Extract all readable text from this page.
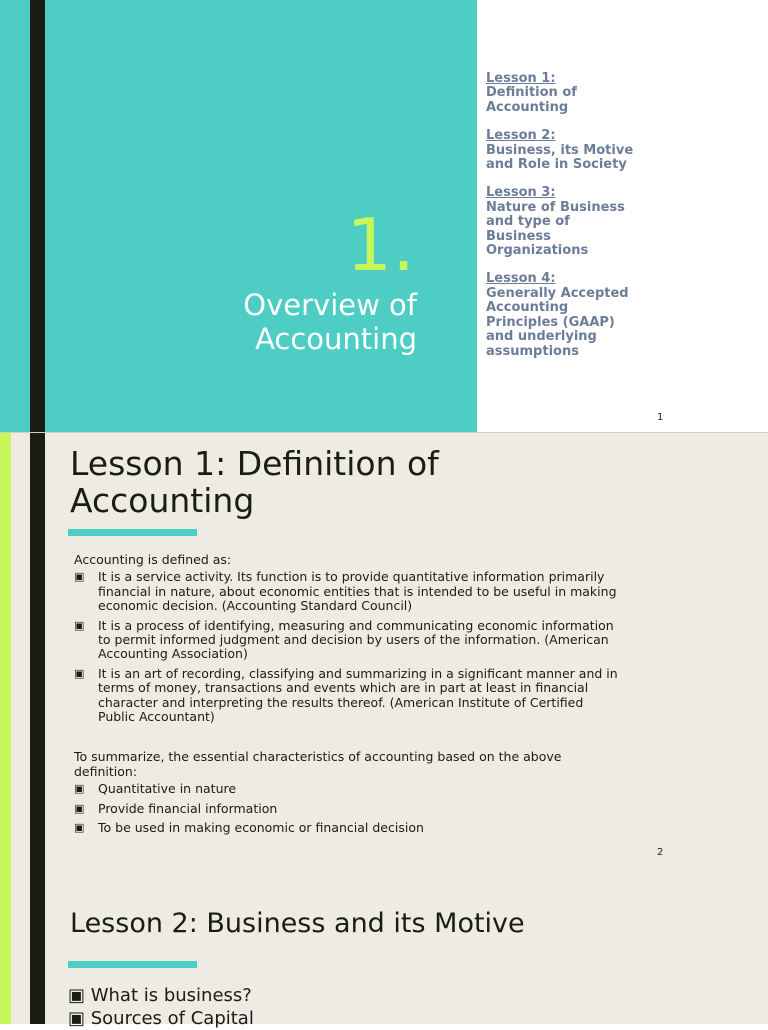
1.
Overview of
Accounting
Lesson 1:
Definition of Accounting
Lesson 2:
Business, its Motive and Role in Society
Lesson 3:
Nature of Business and type of Business Organizations
Lesson 4:
Generally Accepted Accounting Principles (GAAP) and underlying assumptions
1
Lesson 1: Definition of Accounting

Accounting is defined as:

▣ It is a service activity. Its function is to provide quantitative information primarily financial in nature, about economic entities that is intended to be useful in making economic decision. (Accounting Standard Council)
▣ It is a process of identifying, measuring and communicating economic information to permit informed judgment and decision by users of the information. (American Accounting Association)
▣ It is an art of recording, classifying and summarizing in a significant manner and in terms of money, transactions and events which are in part at least in financial character and interpreting the results thereof. (American Institute of Certified Public Accountant)

To summarize, the essential characteristics of accounting based on the above definition:

▣ Quantitative in nature
▣ Provide financial information
▣ To be used in making economic or financial decision
2
Lesson 2: Business and its Motive
▣ What is business?
▣ Sources of Capital
